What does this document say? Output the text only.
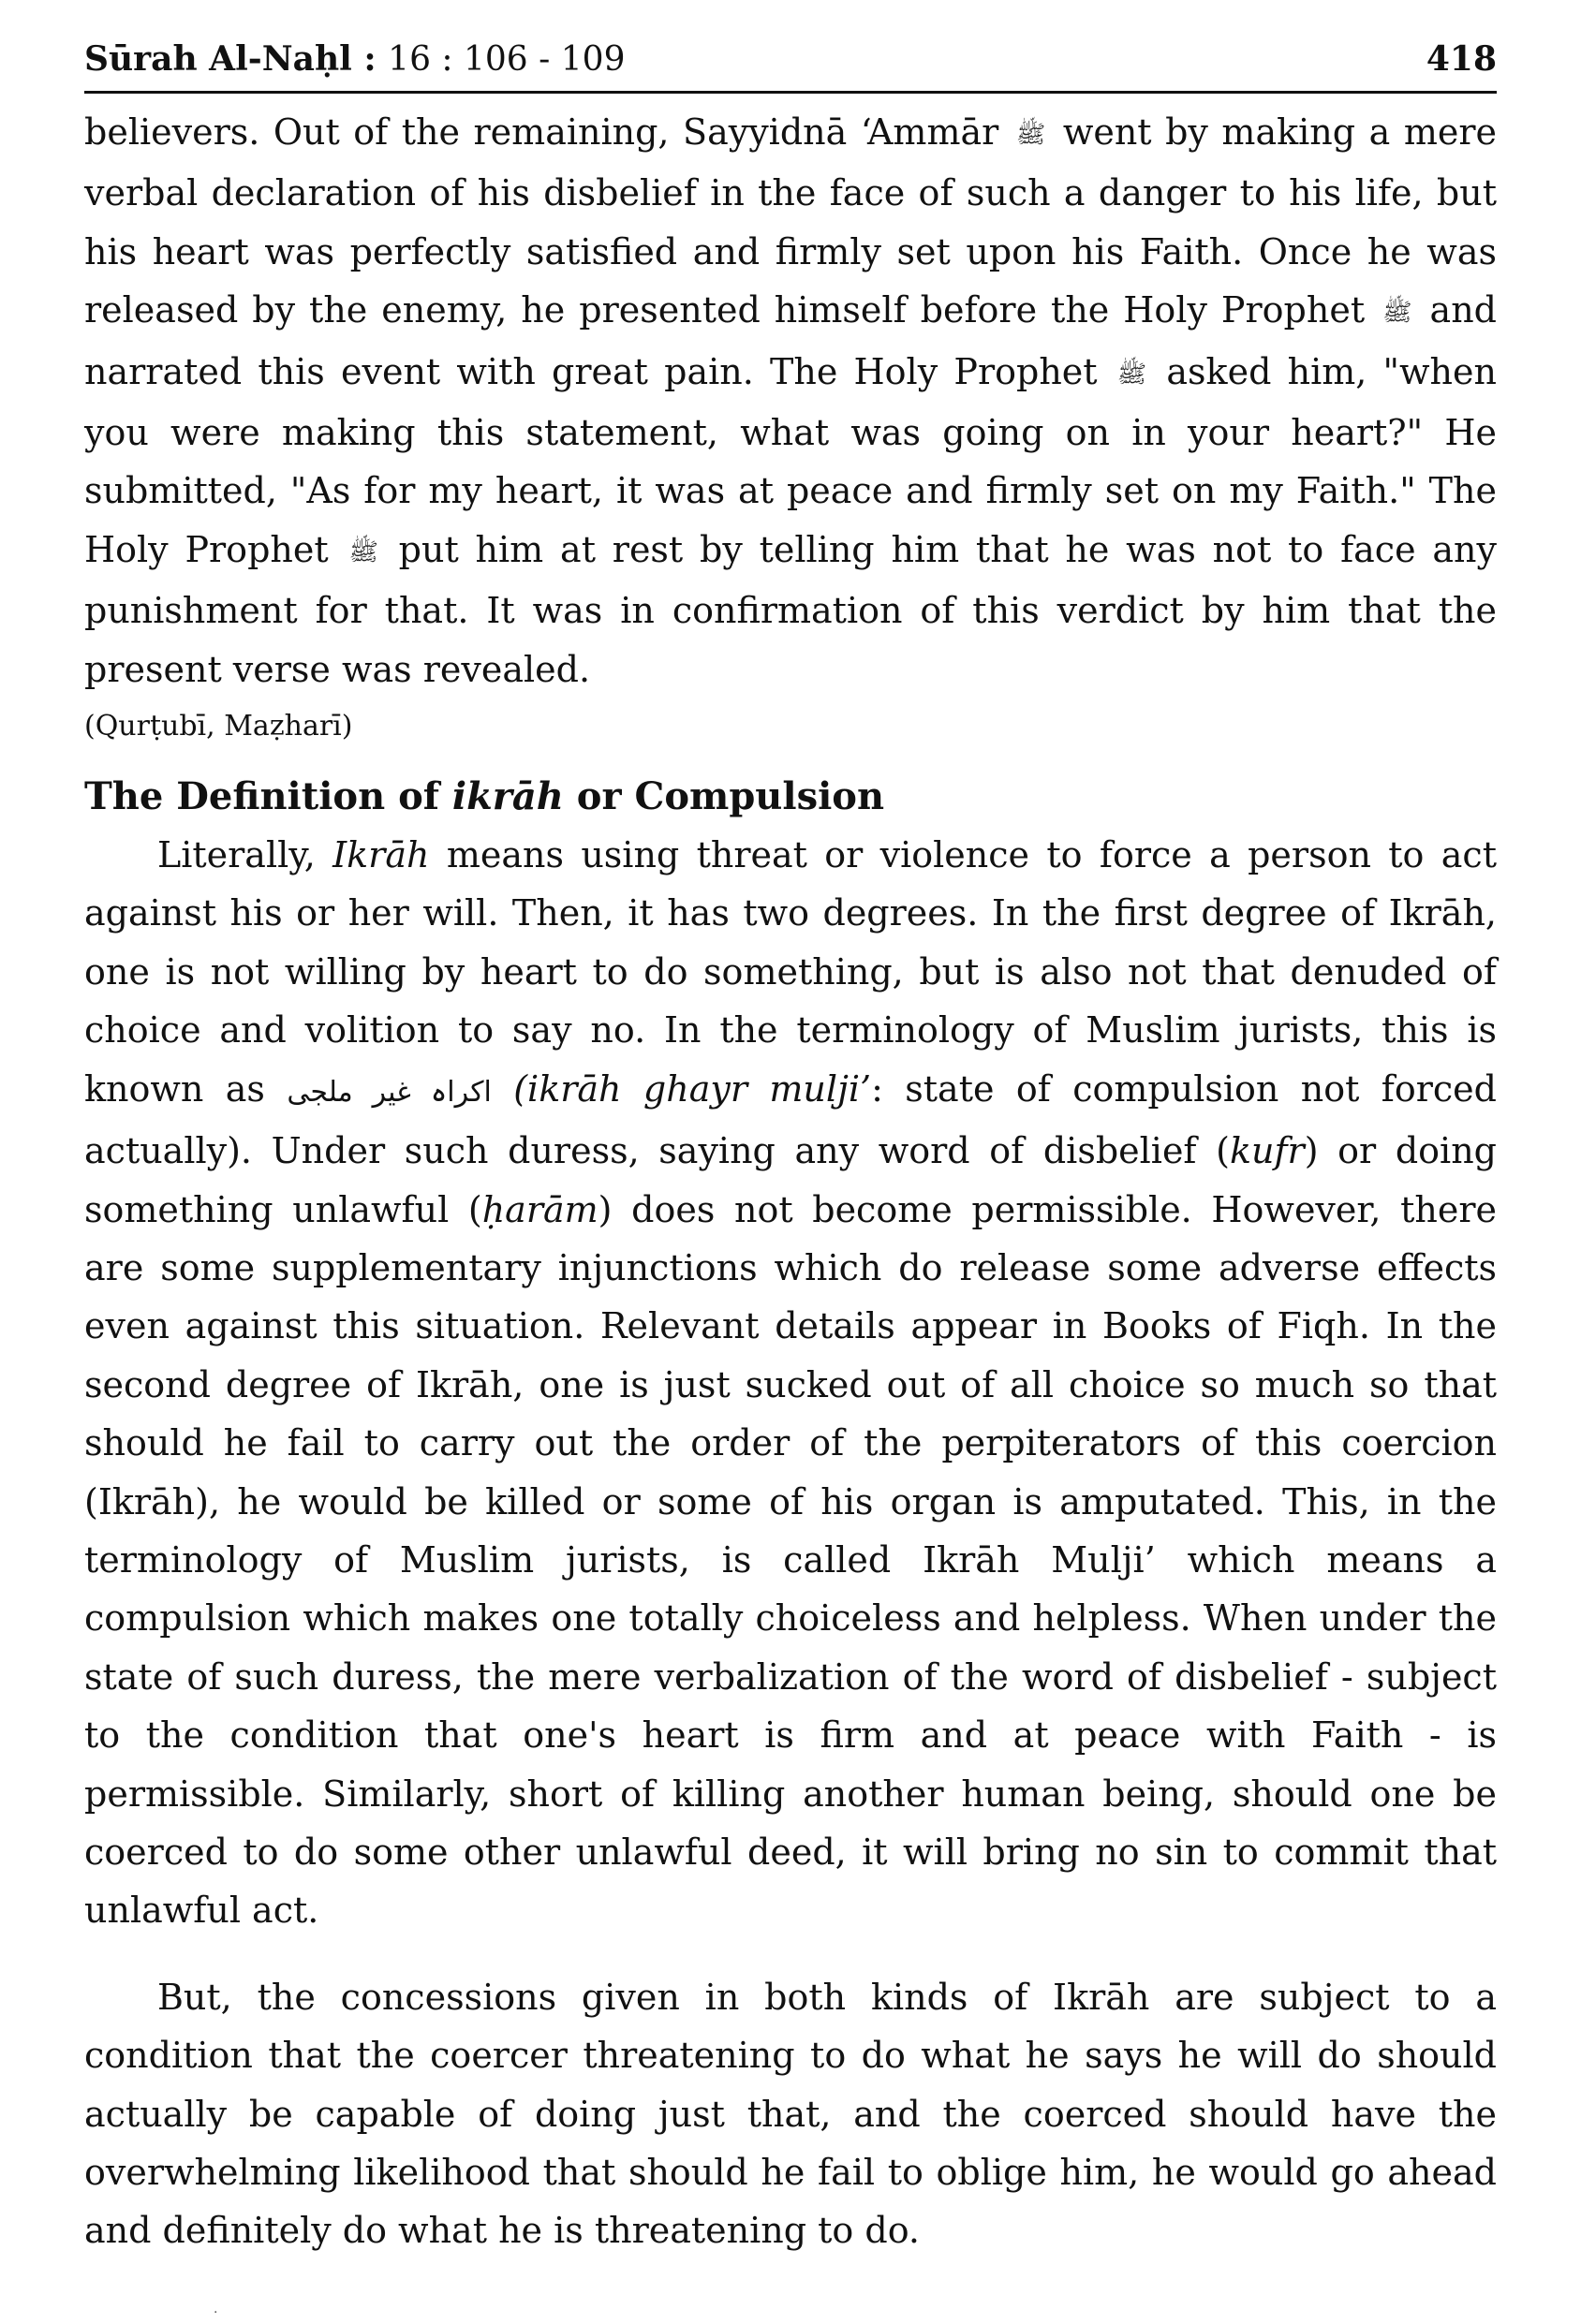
Sūrah Al-Naḥl : 16 : 106 - 109	418

believers. Out of the remaining, Sayyidnā ‘Ammār ﷺ went by making a mere verbal declaration of his disbelief in the face of such a danger to his life, but his heart was perfectly satisfied and firmly set upon his Faith. Once he was released by the enemy, he presented himself before the Holy Prophet ﷺ and narrated this event with great pain. The Holy Prophet ﷺ asked him, "when you were making this statement, what was going on in your heart?" He submitted, "As for my heart, it was at peace and firmly set on my Faith." The Holy Prophet ﷺ put him at rest by telling him that he was not to face any punishment for that. It was in confirmation of this verdict by him that the present verse was revealed.

(Qurṭubī, Maẓharī)

The Definition of ikrāh or Compulsion

Literally, Ikrāh means using threat or violence to force a person to act against his or her will. Then, it has two degrees. In the first degree of Ikrāh, one is not willing by heart to do something, but is also not that denuded of choice and volition to say no. In the terminology of Muslim jurists, this is known as اکراہ غیر ملجی (ikrāh ghayr mulji’: state of compulsion not forced actually). Under such duress, saying any word of disbelief (kufr) or doing something unlawful (ḥarām) does not become permissible. However, there are some supplementary injunctions which do release some adverse effects even against this situation. Relevant details appear in Books of Fiqh. In the second degree of Ikrāh, one is just sucked out of all choice so much so that should he fail to carry out the order of the perpiterators of this coercion (Ikrāh), he would be killed or some of his organ is amputated. This, in the terminology of Muslim jurists, is called Ikrāh Mulji’ which means a compulsion which makes one totally choiceless and helpless. When under the state of such duress, the mere verbalization of the word of disbelief - subject to the condition that one's heart is firm and at peace with Faith - is permissible. Similarly, short of killing another human being, should one be coerced to do some other unlawful deed, it will bring no sin to commit that unlawful act.

But, the concessions given in both kinds of Ikrāh are subject to a condition that the coercer threatening to do what he says he will do should actually be capable of doing just that, and the coerced should have the overwhelming likelihood that should he fail to oblige him, he would go ahead and definitely do what he is threatening to do.

·
